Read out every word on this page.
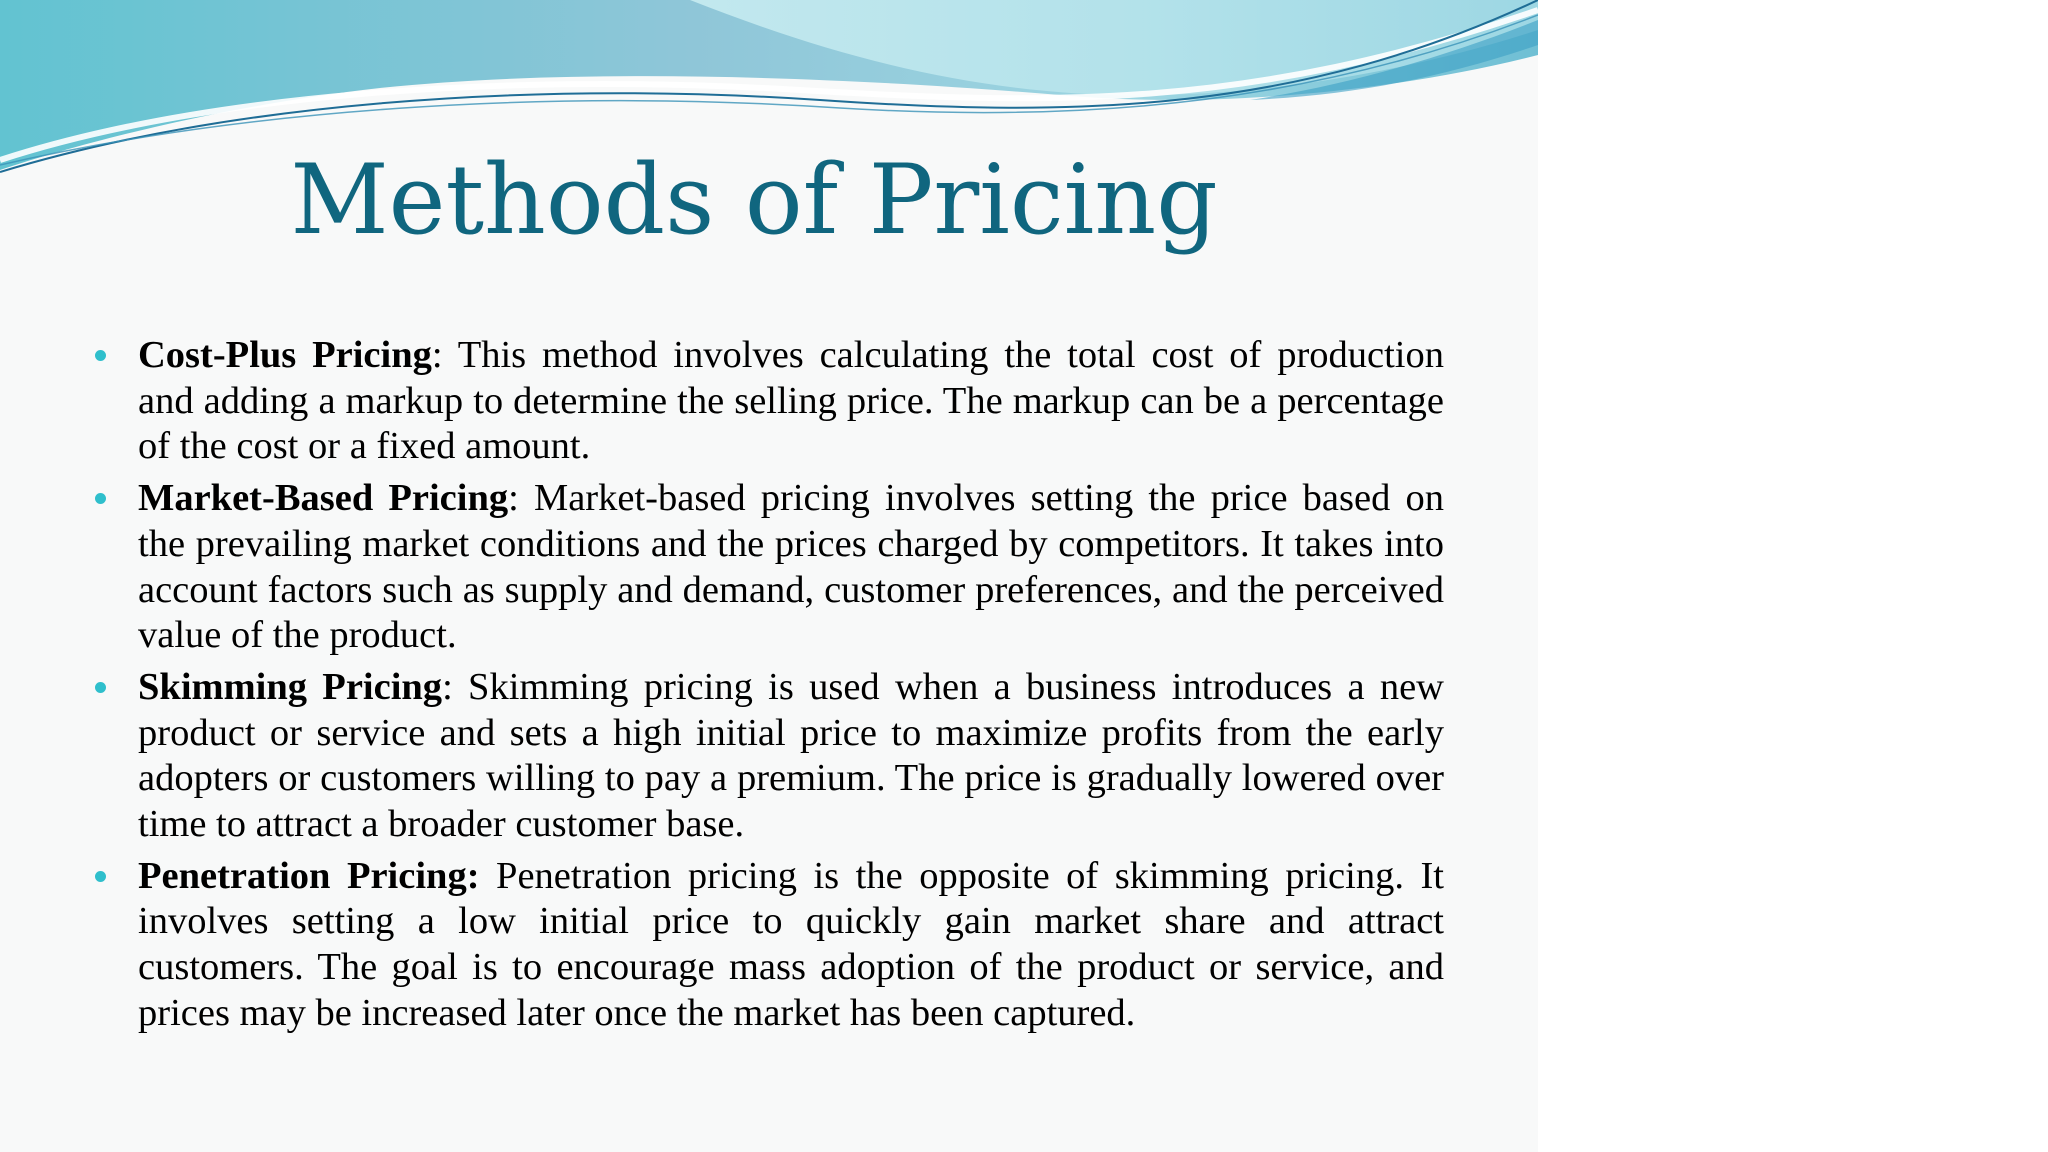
Methods of Pricing
Cost-Plus Pricing: This method involves calculating the total cost of production and adding a markup to determine the selling price. The markup can be a percentage of the cost or a fixed amount.
Market-Based Pricing: Market-based pricing involves setting the price based on the prevailing market conditions and the prices charged by competitors. It takes into account factors such as supply and demand, customer preferences, and the perceived value of the product.
Skimming Pricing: Skimming pricing is used when a business introduces a new product or service and sets a high initial price to maximize profits from the early adopters or customers willing to pay a premium. The price is gradually lowered over time to attract a broader customer base.
Penetration Pricing: Penetration pricing is the opposite of skimming pricing. It involves setting a low initial price to quickly gain market share and attract customers. The goal is to encourage mass adoption of the product or service, and prices may be increased later once the market has been captured.
